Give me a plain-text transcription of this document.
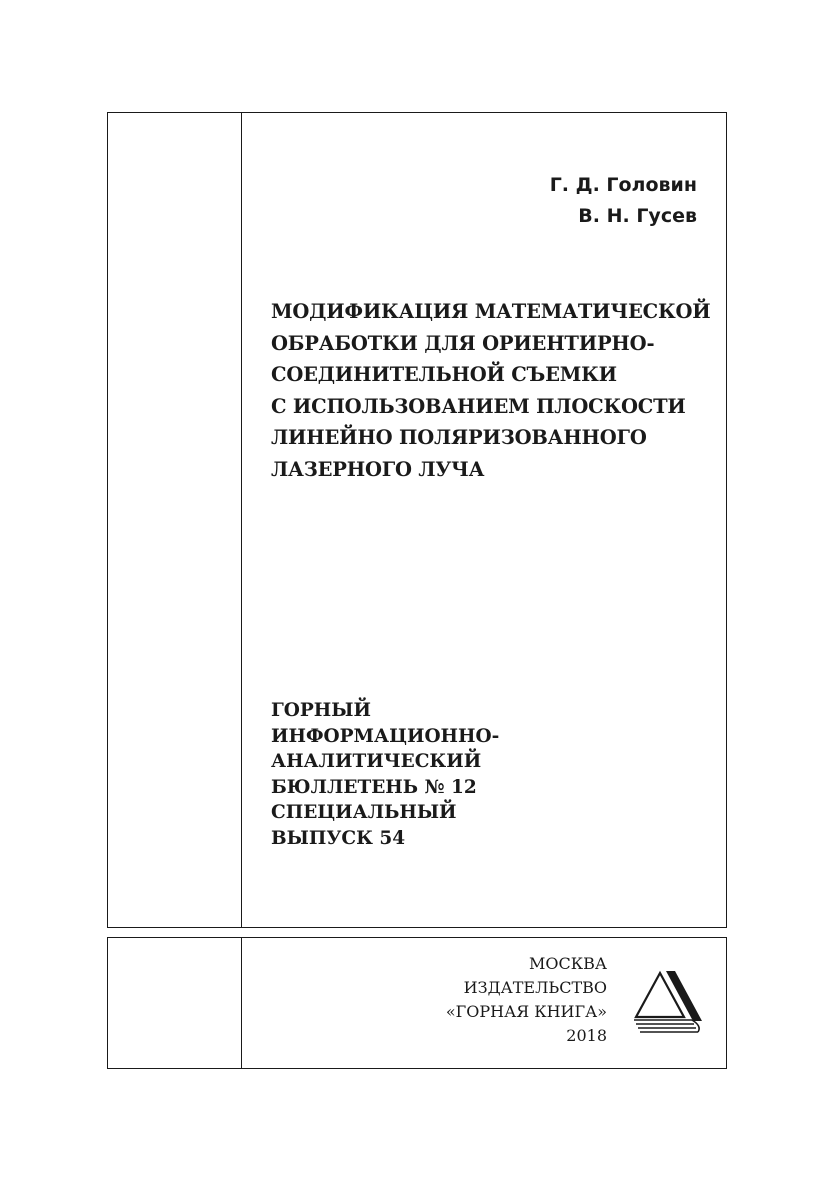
Г. Д. Головин
В. Н. Гусев
МОДИФИКАЦИЯ МАТЕМАТИЧЕСКОЙ
ОБРАБОТКИ ДЛЯ ОРИЕНТИРНО-
СОЕДИНИТЕЛЬНОЙ СЪЕМКИ
С ИСПОЛЬЗОВАНИЕМ ПЛОСКОСТИ
ЛИНЕЙНО ПОЛЯРИЗОВАННОГО
ЛАЗЕРНОГО ЛУЧА
ГОРНЫЙ
ИНФОРМАЦИОННО-
АНАЛИТИЧЕСКИЙ
БЮЛЛЕТЕНЬ № 12
СПЕЦИАЛЬНЫЙ
ВЫПУСК 54
МОСКВА
ИЗДАТЕЛЬСТВО
«ГОРНАЯ КНИГА»
2018
